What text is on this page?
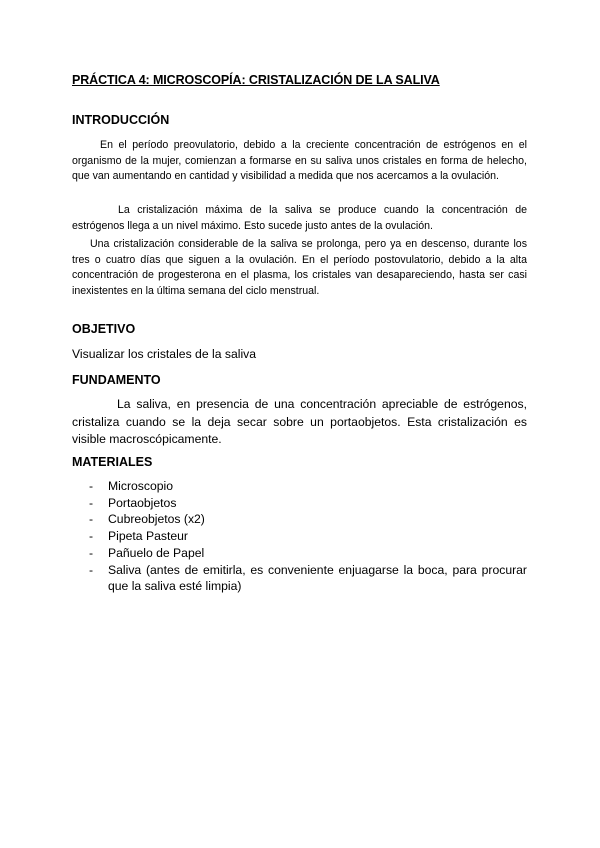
PRÁCTICA 4: MICROSCOPÍA: CRISTALIZACIÓN DE LA SALIVA
INTRODUCCIÓN

En el período preovulatorio, debido a la creciente concentración de estrógenos en el organismo de la mujer, comienzan a formarse en su saliva unos cristales en forma de helecho, que van aumentando en cantidad y visibilidad a medida que nos acercamos a la ovulación.

La cristalización máxima de la saliva se produce cuando la concentración de estrógenos llega a un nivel máximo. Esto sucede justo antes de la ovulación.

Una cristalización considerable de la saliva se prolonga, pero ya en descenso, durante los tres o cuatro días que siguen a la ovulación. En el período postovulatorio, debido a la alta concentración de progesterona en el plasma, los cristales van desapareciendo, hasta ser casi inexistentes en la última semana del ciclo menstrual.

OBJETIVO
Visualizar los cristales de la saliva
FUNDAMENTO

La saliva, en presencia de una concentración apreciable de estrógenos, cristaliza cuando se la deja secar sobre un portaobjetos. Esta cristalización es visible macroscópicamente.

MATERIALES
- Microscopio
- Portaobjetos
- Cubreobjetos (x2)
- Pipeta Pasteur
- Pañuelo de Papel
- Saliva (antes de emitirla, es conveniente enjuagarse la boca, para procurar que la saliva esté limpia)
